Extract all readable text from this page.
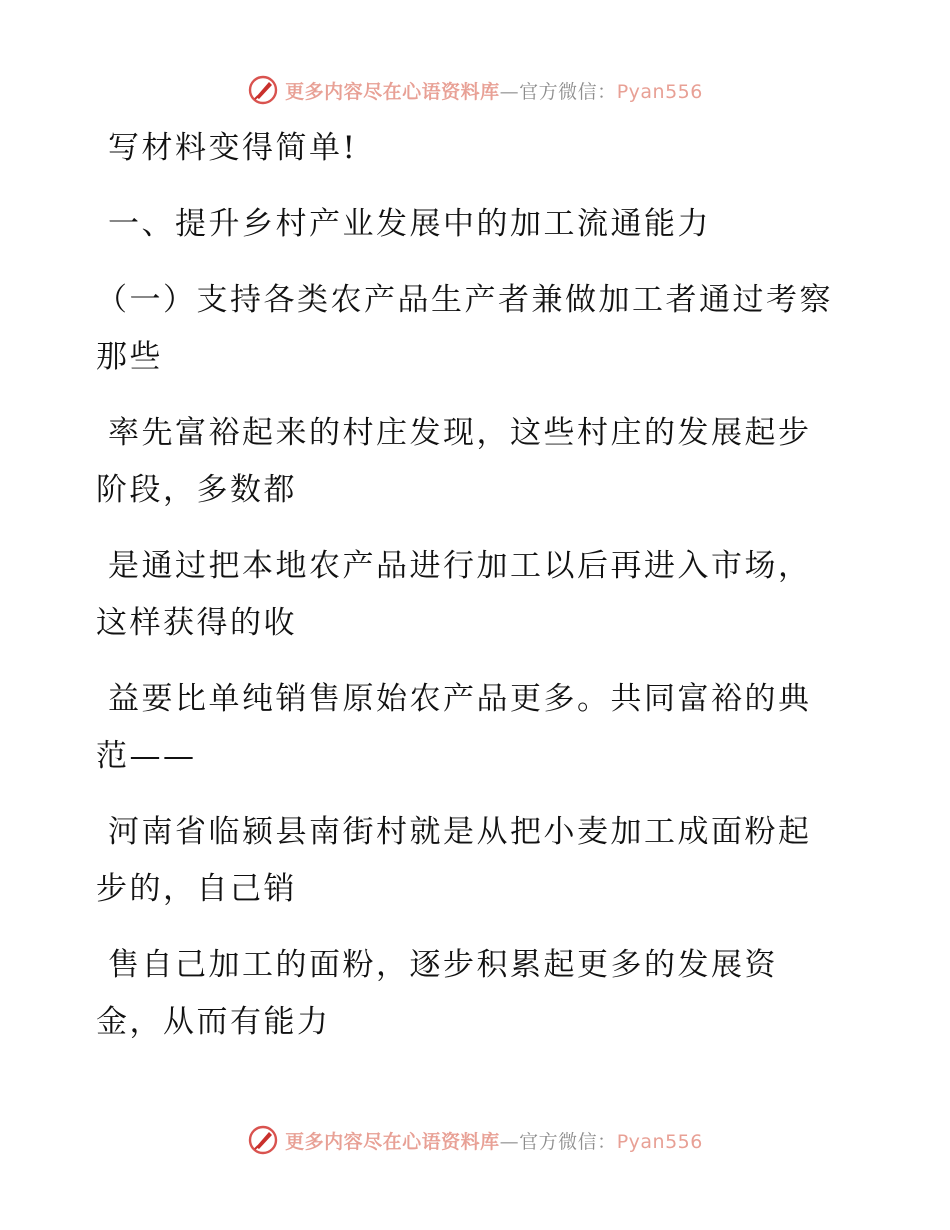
更多内容尽在心语资料库—官方微信：Pyan556

写材料变得简单!

一、提升乡村产业发展中的加工流通能力

（一）支持各类农产品生产者兼做加工者通过考察那些

率先富裕起来的村庄发现，这些村庄的发展起步阶段，多数都

是通过把本地农产品进行加工以后再进入市场，这样获得的收

益要比单纯销售原始农产品更多。共同富裕的典范——

河南省临颍县南街村就是从把小麦加工成面粉起步的，自己销

售自己加工的面粉，逐步积累起更多的发展资金，从而有能力

更多内容尽在心语资料库—官方微信：Pyan556
